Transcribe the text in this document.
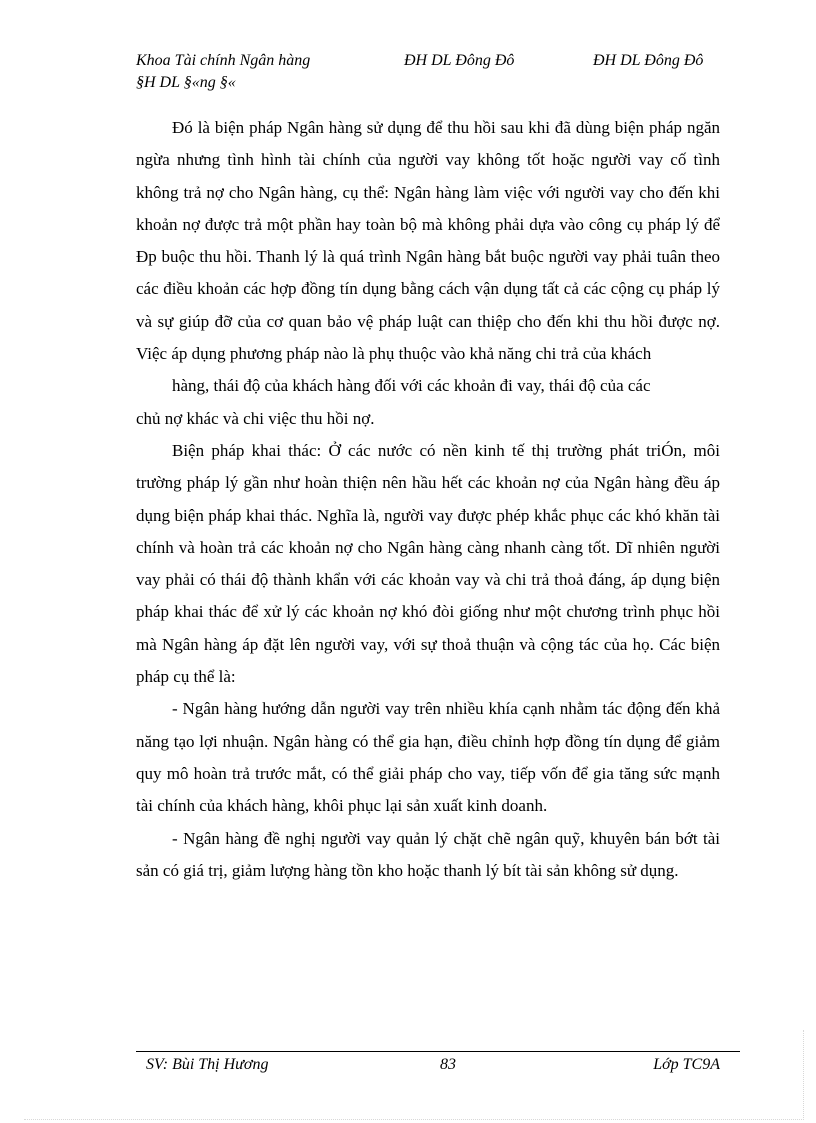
Khoa Tài chính Ngân hàng	ĐH DL Đông Đô	ĐH DL Đông Đô
§H DL §«ng §«

Đó là biện pháp Ngân hàng sử dụng để thu hồi sau khi đã dùng biện pháp ngăn ngừa nhưng tình hình tài chính của người vay không tốt hoặc người vay cố tình không trả nợ cho Ngân hàng, cụ thể: Ngân hàng làm việc với người vay cho đến khi khoản nợ được trả một phần hay toàn bộ mà không phải dựa vào công cụ pháp lý để Ðp buộc thu hồi. Thanh lý là quá trình Ngân hàng bắt buộc người vay phải tuân theo các điều khoản các hợp đồng tín dụng bằng cách vận dụng tất cả các cộng cụ pháp lý và sự giúp đỡ của cơ quan bảo vệ pháp luật can thiệp cho đến khi thu hồi được nợ. Việc áp dụng phương pháp nào là phụ thuộc vào khả năng chi trả của khách

hàng, thái độ của khách hàng đối với các khoản đi vay, thái độ của các

chủ nợ khác và chi việc thu hồi nợ.

Biện pháp khai thác: Ở các nước có nền kinh tế thị trường phát triÓn, môi trường pháp lý gần như hoàn thiện nên hầu hết các khoản nợ của Ngân hàng đều áp dụng biện pháp khai thác. Nghĩa là, người vay được phép khắc phục các khó khăn tài chính và hoàn trả các khoản nợ cho Ngân hàng càng nhanh càng tốt. Dĩ nhiên người vay phải có thái độ thành khẩn với các khoản vay và chi trả thoả đáng, áp dụng biện pháp khai thác để xử lý các khoản nợ khó đòi giống như một chương trình phục hồi mà Ngân hàng áp đặt lên người vay, với sự thoả thuận và cộng tác của họ. Các biện pháp cụ thể là:

- Ngân hàng hướng dẫn người vay trên nhiều khía cạnh nhằm tác động đến khả năng tạo lợi nhuận. Ngân hàng có thể gia hạn, điều chỉnh hợp đồng tín dụng để giảm quy mô hoàn trả trước mắt, có thể giải pháp cho vay, tiếp vốn để gia tăng sức mạnh tài chính của khách hàng, khôi phục lại sản xuất kinh doanh.

- Ngân hàng đề nghị người vay quản lý chặt chẽ ngân quỹ, khuyên bán bớt tài sản có giá trị, giảm lượng hàng tồn kho hoặc thanh lý bít tài sản không sử dụng.

SV: Bùi Thị Hương	83	Lớp TC9A
